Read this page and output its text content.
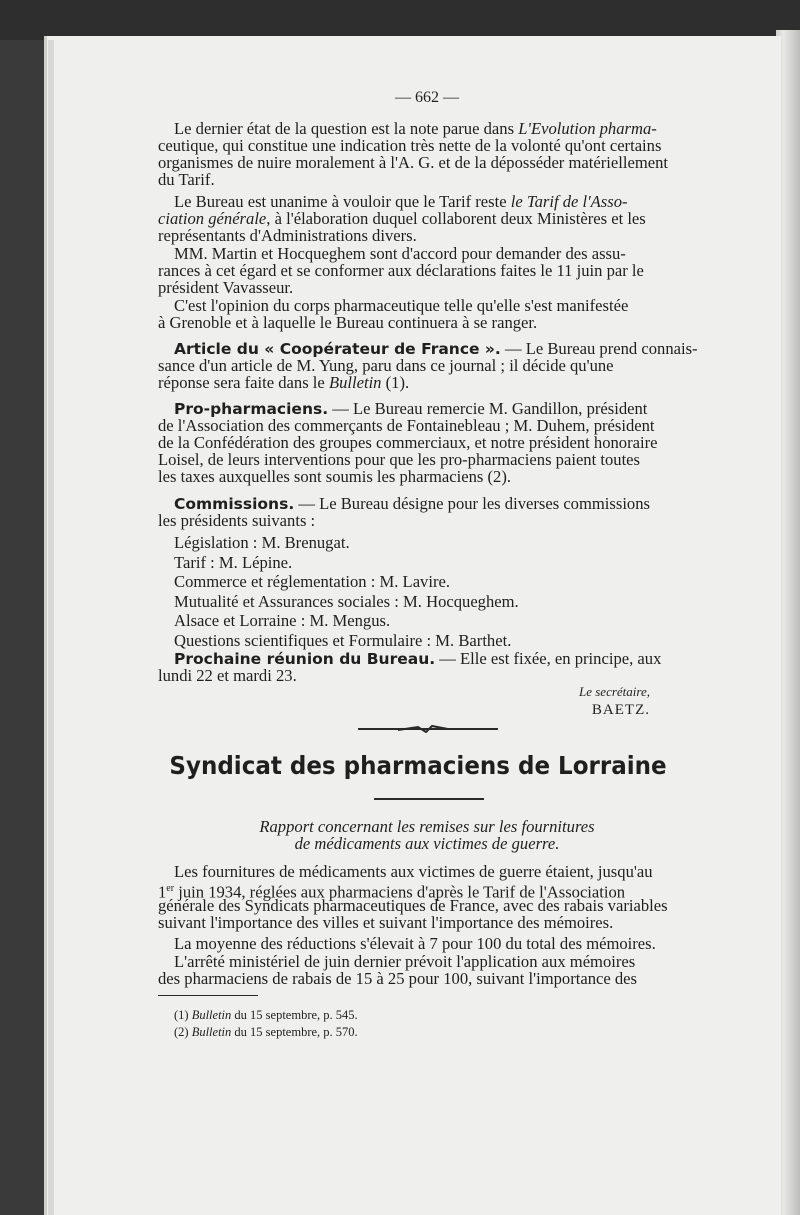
— 662 —
Le dernier état de la question est la note parue dans L'Evolution pharma-
ceutique, qui constitue une indication très nette de la volonté qu'ont certains
organismes de nuire moralement à l'A. G. et de la déposséder matériellement
du Tarif.
Le Bureau est unanime à vouloir que le Tarif reste le Tarif de l'Asso-
ciation générale, à l'élaboration duquel collaborent deux Ministères et les
représentants d'Administrations divers.
MM. Martin et Hocqueghem sont d'accord pour demander des assu-
rances à cet égard et se conformer aux déclarations faites le 11 juin par le
président Vavasseur.
C'est l'opinion du corps pharmaceutique telle qu'elle s'est manifestée
à Grenoble et à laquelle le Bureau continuera à se ranger.
Article du « Coopérateur de France ». — Le Bureau prend connais-
sance d'un article de M. Yung, paru dans ce journal ; il décide qu'une
réponse sera faite dans le Bulletin (1).
Pro-pharmaciens. — Le Bureau remercie M. Gandillon, président
de l'Association des commerçants de Fontainebleau ; M. Duhem, président
de la Confédération des groupes commerciaux, et notre président honoraire
Loisel, de leurs interventions pour que les pro-pharmaciens paient toutes
les taxes auxquelles sont soumis les pharmaciens (2).
Commissions. — Le Bureau désigne pour les diverses commissions
les présidents suivants :
Législation : M. Brenugat.
Tarif : M. Lépine.
Commerce et réglementation : M. Lavire.
Mutualité et Assurances sociales : M. Hocqueghem.
Alsace et Lorraine : M. Mengus.
Questions scientifiques et Formulaire : M. Barthet.
Prochaine réunion du Bureau. — Elle est fixée, en principe, aux
lundi 22 et mardi 23.
Le secrétaire,
BAETZ.
Syndicat des pharmaciens de Lorraine
Rapport concernant les remises sur les fournitures
de médicaments aux victimes de guerre.
Les fournitures de médicaments aux victimes de guerre étaient, jusqu'au
1er juin 1934, réglées aux pharmaciens d'après le Tarif de l'Association
générale des Syndicats pharmaceutiques de France, avec des rabais variables
suivant l'importance des villes et suivant l'importance des mémoires.
La moyenne des réductions s'élevait à 7 pour 100 du total des mémoires.
L'arrêté ministériel de juin dernier prévoit l'application aux mémoires
des pharmaciens de rabais de 15 à 25 pour 100, suivant l'importance des
(1) Bulletin du 15 septembre, p. 545.
(2) Bulletin du 15 septembre, p. 570.
